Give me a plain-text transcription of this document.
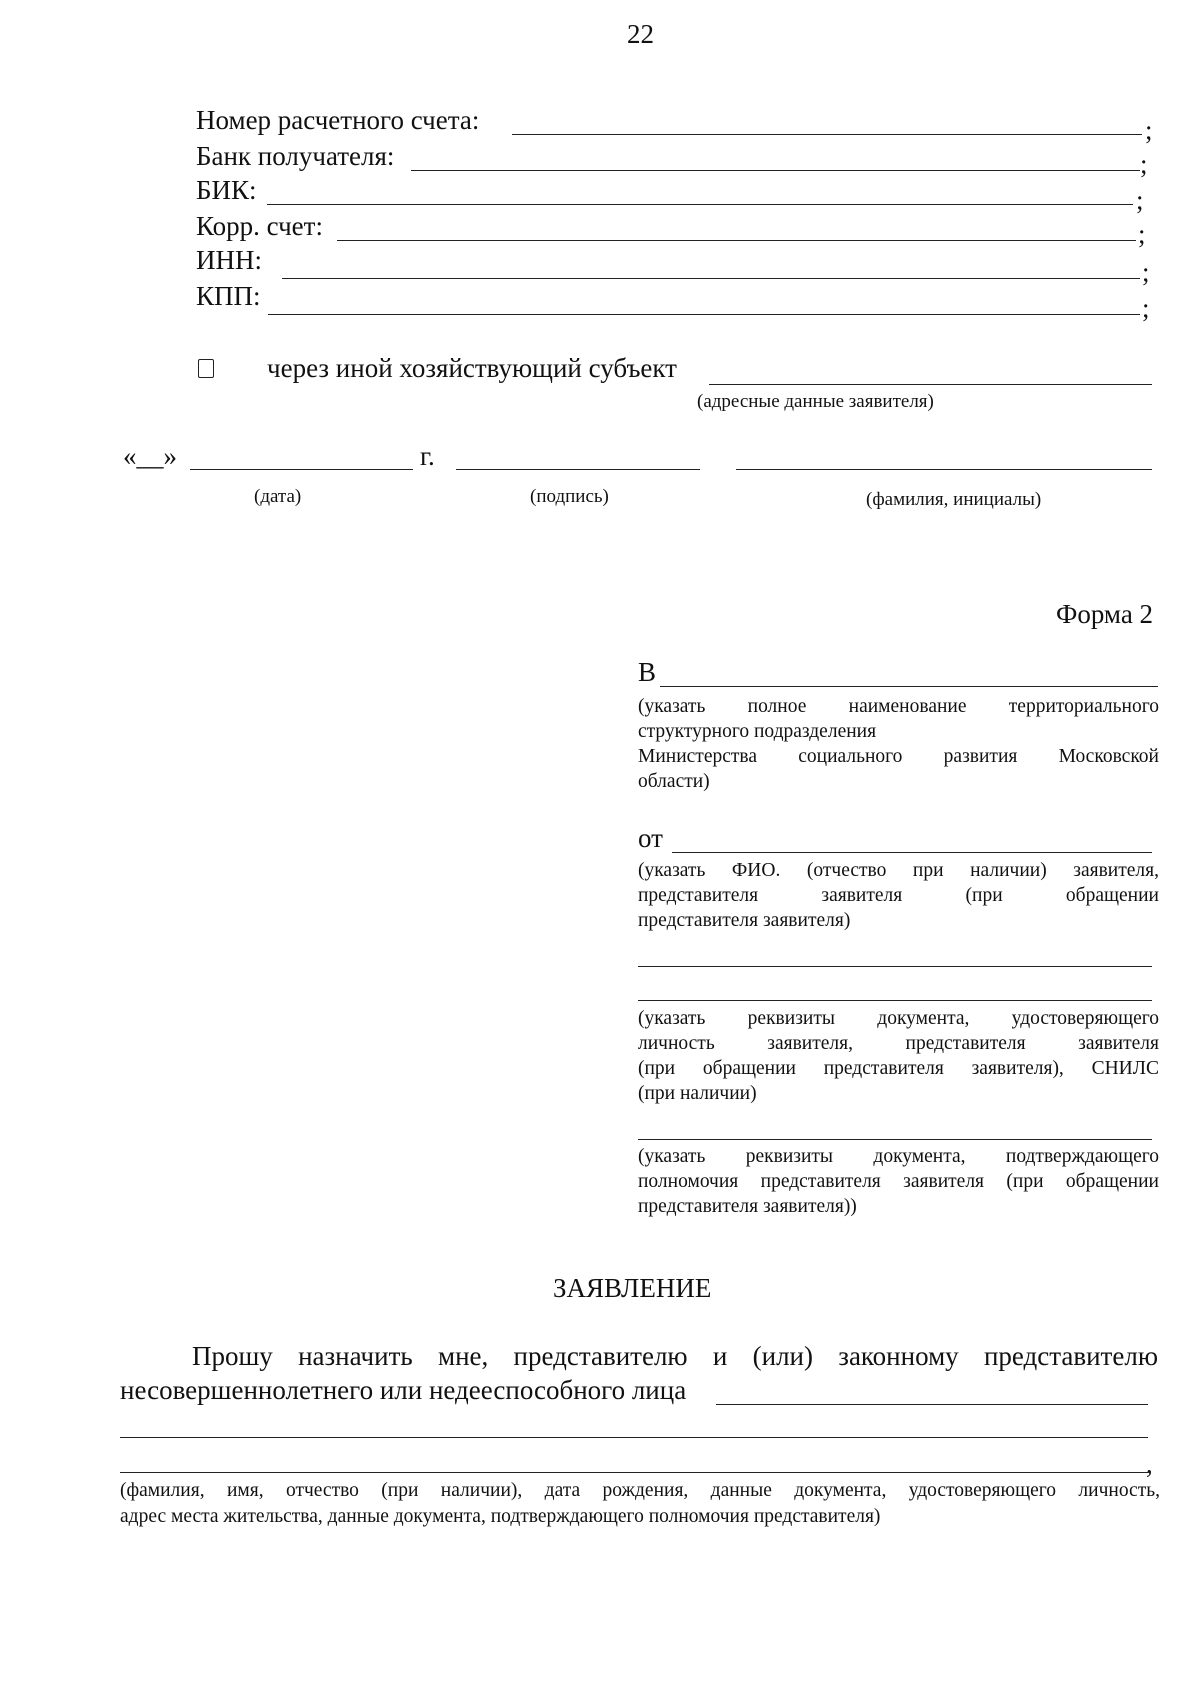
22
Номер расчетного счета:	;
Банк получателя:	;
БИК:	;
Корр. счет:	;
ИНН:	;
КПП:	;
через иной хозяйствующий субъект
(адресные данные заявителя)
«__»	г.
(дата)	(подпись)	(фамилия, инициалы)
Форма 2
В

(указать полное наименование территориального

структурного подразделения

Министерства социального развития Московской

области)

от

(указать ФИО. (отчество при наличии) заявителя,

представителя заявителя (при обращении

представителя заявителя)

(указать реквизиты документа, удостоверяющего

личность заявителя, представителя заявителя

(при обращении представителя заявителя), СНИЛС

(при наличии)

(указать реквизиты документа, подтверждающего

полномочия представителя заявителя (при обращении

представителя заявителя))

ЗАЯВЛЕНИЕ
Прошу назначить мне, представителю и (или) законному представителю
несовершеннолетнего или недееспособного лица
,
(фамилия, имя, отчество (при наличии), дата рождения, данные документа, удостоверяющего личность,
адрес места жительства, данные документа, подтверждающего полномочия представителя)
